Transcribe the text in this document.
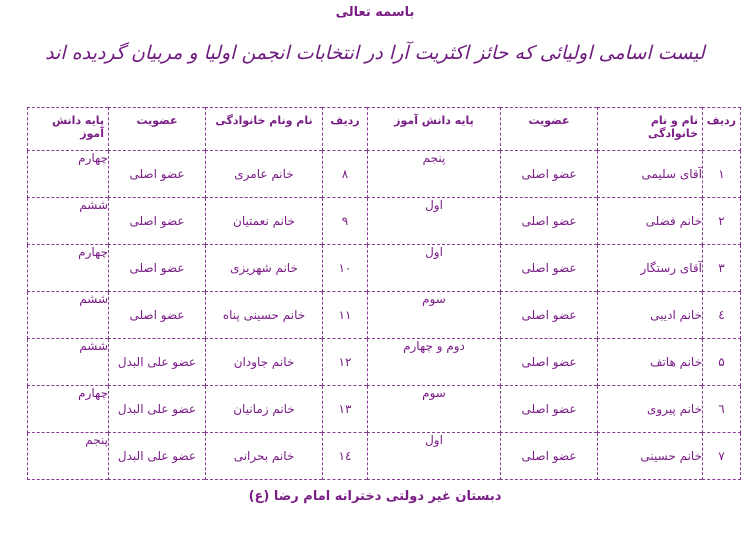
باسمه تعالی
لیست اسامی اولیائی که حائز اکثریت آرا در انتخابات انجمن اولیا و مربیان گردیده اند
ردیف	نام و نام خانوادگی	عضویت	پایه دانش آموز	ردیف	نام ونام خانوادگی	عضویت	پایه دانش آموز
۱	آقای سلیمی	عضو اصلی	پنجم	۸	خانم عامری	عضو اصلی	چهارم
۲	خانم فضلی	عضو اصلی	اول	۹	خانم نعمتیان	عضو اصلی	ششم
۳	آقای رستگار	عضو اصلی	اول	۱۰	خانم شهریزی	عضو اصلی	چهارم
٤	خانم ادیبی	عضو اصلی	سوم	۱۱	خانم حسینی پناه	عضو اصلی	ششم
۵	خانم هاتف	عضو اصلی	دوم و چهارم	۱۲	خانم جاودان	عضو علی البدل	ششم
٦	خانم پیروی	عضو اصلی	سوم	۱۳	خانم زمانیان	عضو علی البدل	چهارم
۷	خانم حسینی	عضو اصلی	اول	۱٤	خانم بحرانی	عضو علی البدل	پنجم
دبستان غیر دولتی دخترانه امام رضا (ع)
